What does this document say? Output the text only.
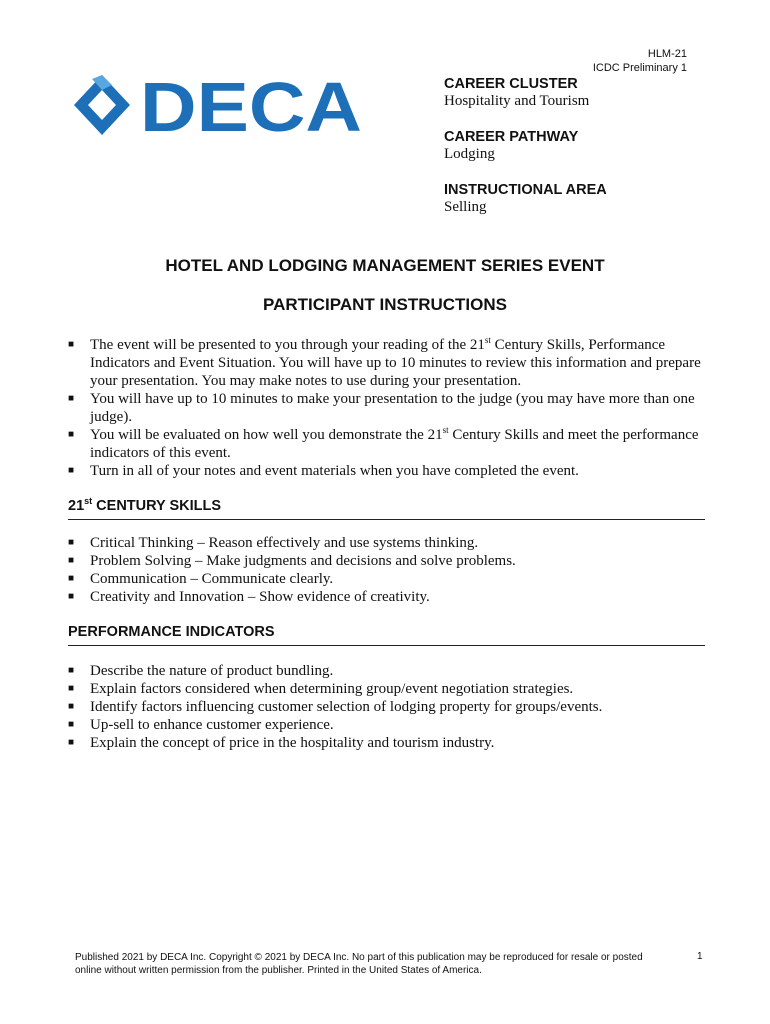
HLM-21
ICDC Preliminary 1
DECA	CAREER CLUSTER

Hospitality and Tourism

CAREER PATHWAY

Lodging

INSTRUCTIONAL AREA

Selling

HOTEL AND LODGING MANAGEMENT SERIES EVENT
PARTICIPANT INSTRUCTIONS
■ The event will be presented to you through your reading of the 21st Century Skills, Performance Indicators and Event Situation. You will have up to 10 minutes to review this information and prepare your presentation. You may make notes to use during your presentation.
■ You will have up to 10 minutes to make your presentation to the judge (you may have more than one judge).
■ You will be evaluated on how well you demonstrate the 21st Century Skills and meet the performance indicators of this event.
■ Turn in all of your notes and event materials when you have completed the event.
21st CENTURY SKILLS
■ Critical Thinking – Reason effectively and use systems thinking.
■ Problem Solving – Make judgments and decisions and solve problems.
■ Communication – Communicate clearly.
■ Creativity and Innovation – Show evidence of creativity.
PERFORMANCE INDICATORS
■ Describe the nature of product bundling.
■ Explain factors considered when determining group/event negotiation strategies.
■ Identify factors influencing customer selection of lodging property for groups/events.
■ Up-sell to enhance customer experience.
■ Explain the concept of price in the hospitality and tourism industry.
Published 2021 by DECA Inc. Copyright © 2021 by DECA Inc. No part of this publication may be reproduced for resale or posted online without written permission from the publisher. Printed in the United States of America.
1
